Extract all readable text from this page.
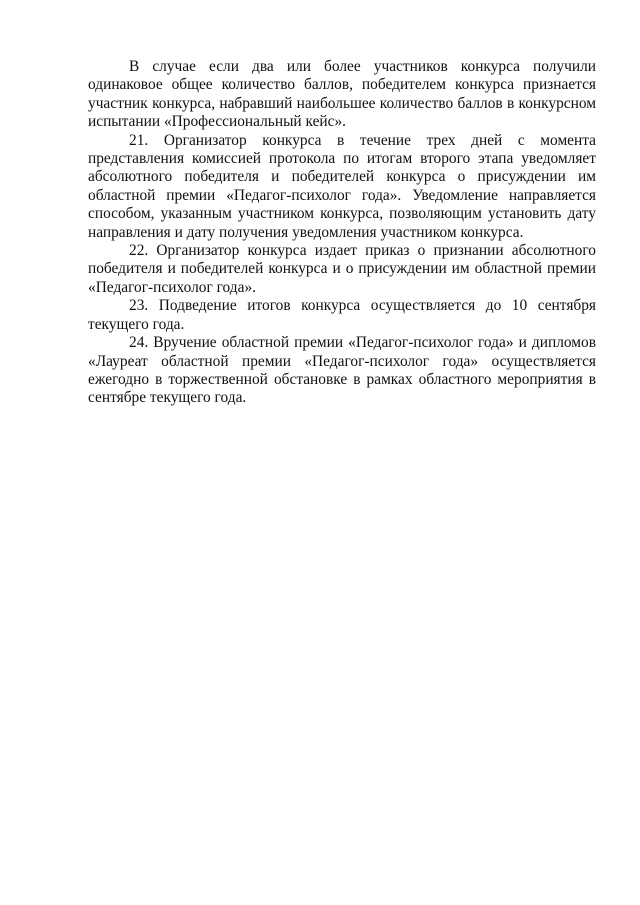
В случае если два или более участников конкурса получили одинаковое общее количество баллов, победителем конкурса признается участник конкурса, набравший наибольшее количество баллов в конкурсном испытании «Профессиональный кейс».

21. Организатор конкурса в течение трех дней с момента представления комиссией протокола по итогам второго этапа уведомляет абсолютного победителя и победителей конкурса о присуждении им областной премии «Педагог-психолог года». Уведомление направляется способом, указанным участником конкурса, позволяющим установить дату направления и дату получения уведомления участником конкурса.

22. Организатор конкурса издает приказ о признании абсолютного победителя и победителей конкурса и о присуждении им областной премии «Педагог-психолог года».

23. Подведение итогов конкурса осуществляется до 10 сентября текущего года.

24. Вручение областной премии «Педагог-психолог года» и дипломов «Лауреат областной премии «Педагог-психолог года» осуществляется ежегодно в торжественной обстановке в рамках областного мероприятия в сентябре текущего года.
